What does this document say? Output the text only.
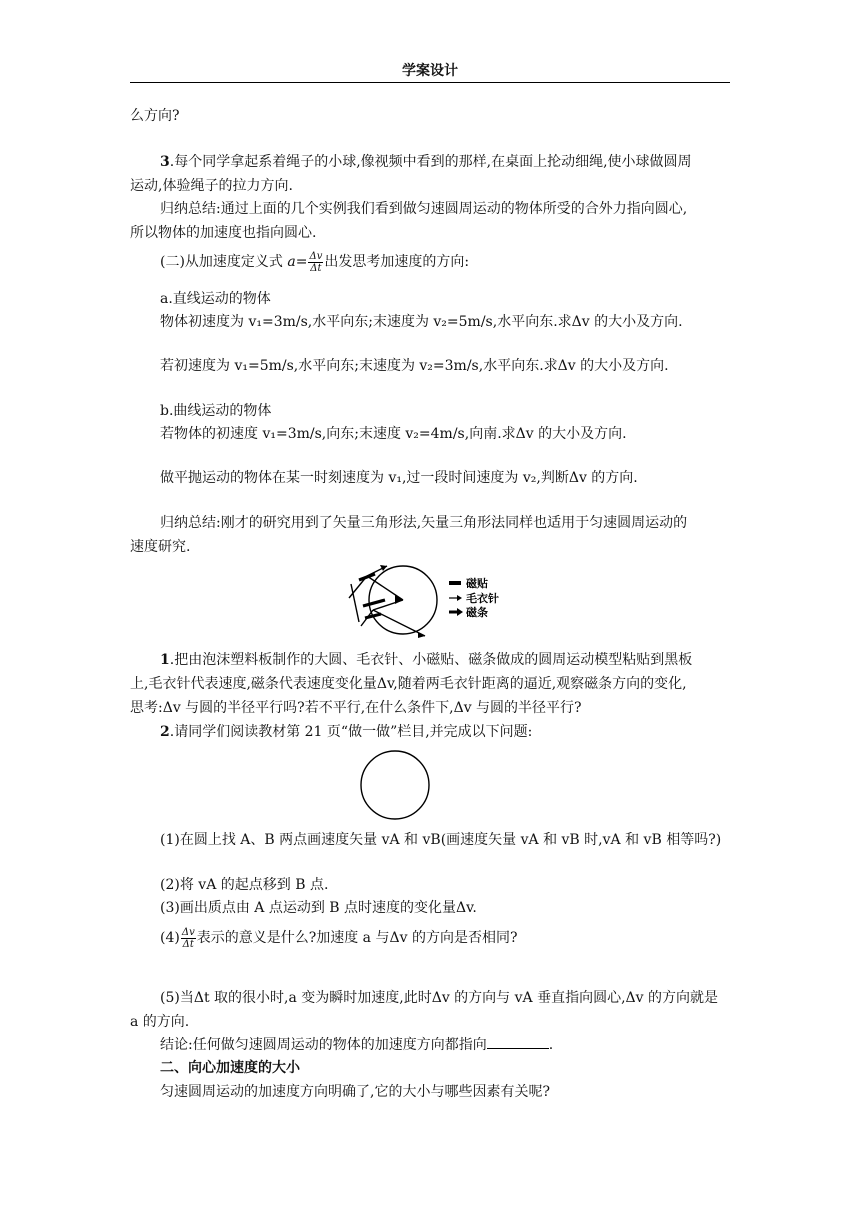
学案设计
么方向?
3.每个同学拿起系着绳子的小球,像视频中看到的那样,在桌面上抡动细绳,使小球做圆周
运动,体验绳子的拉力方向.
归纳总结:通过上面的几个实例我们看到做匀速圆周运动的物体所受的合外力指向圆心,
所以物体的加速度也指向圆心.
(二)从加速度定义式 $a= \frac{\Delta v}{\Delta t}$ 出发思考加速度的方向:
a.直线运动的物体
物体初速度为 v₁=3m/s,水平向东;末速度为 v₂=5m/s,水平向东.求Δv 的大小及方向.
若初速度为 v₁=5m/s,水平向东;末速度为 v₂=3m/s,水平向东.求Δv 的大小及方向.
b.曲线运动的物体
若物体的初速度 v₁=3m/s,向东;末速度 v₂=4m/s,向南.求Δv 的大小及方向.
做平抛运动的物体在某一时刻速度为 v₁,过一段时间速度为 v₂,判断Δv 的方向.
归纳总结:刚才的研究用到了矢量三角形法,矢量三角形法同样也适用于匀速圆周运动的
速度研究.
磁贴
毛衣针
磁条
1.把由泡沫塑料板制作的大圆、毛衣针、小磁贴、磁条做成的圆周运动模型粘贴到黑板
上,毛衣针代表速度,磁条代表速度变化量Δv,随着两毛衣针距离的逼近,观察磁条方向的变化,
思考:Δv 与圆的半径平行吗?若不平行,在什么条件下,Δv 与圆的半径平行?
2.请同学们阅读教材第 21 页“做一做”栏目,并完成以下问题:
(1)在圆上找 A、B 两点画速度矢量 vA 和 vB(画速度矢量 vA 和 vB 时,vA 和 vB 相等吗?)
(2)将 vA 的起点移到 B 点.
(3)画出质点由 A 点运动到 B 点时速度的变化量Δv.
$(4) \frac{\Delta v}{\Delta t}$ 表示的意义是什么?加速度 a 与Δv 的方向是否相同?
(5)当Δt 取的很小时,a 变为瞬时加速度,此时Δv 的方向与 vA 垂直指向圆心,Δv 的方向就是
a 的方向.
结论:任何做匀速圆周运动的物体的加速度方向都指向	.
二、向心加速度的大小
匀速圆周运动的加速度方向明确了,它的大小与哪些因素有关呢?
